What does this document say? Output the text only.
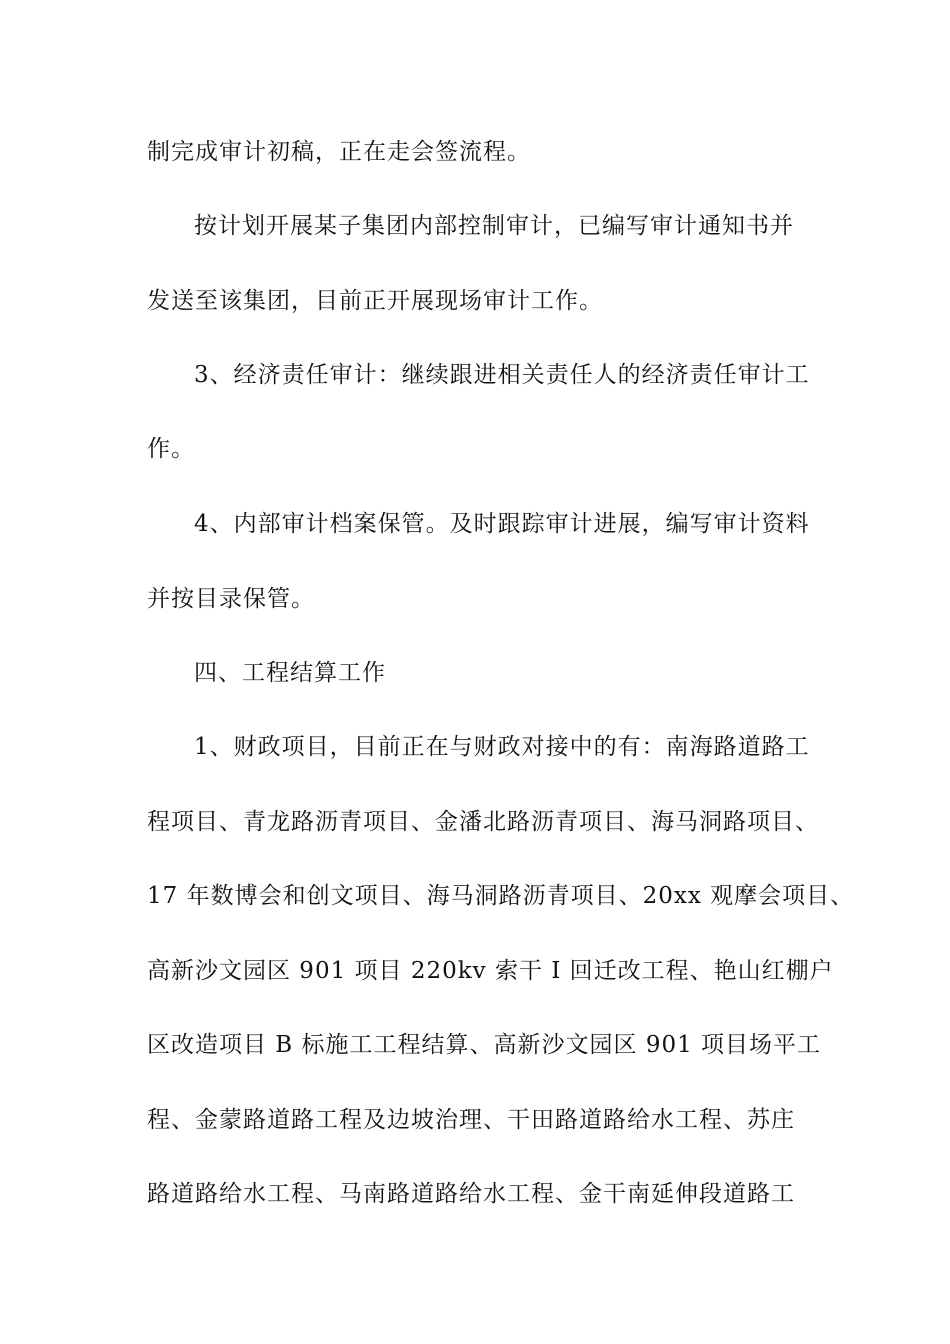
制完成审计初稿，正在走会签流程。
按计划开展某子集团内部控制审计，已编写审计通知书并
发送至该集团，目前正开展现场审计工作。
3、经济责任审计：继续跟进相关责任人的经济责任审计工
作。
4、内部审计档案保管。及时跟踪审计进展，编写审计资料
并按目录保管。
四、工程结算工作
1、财政项目，目前正在与财政对接中的有：南海路道路工
程项目、青龙路沥青项目、金潘北路沥青项目、海马洞路项目、
17 年数博会和创文项目、海马洞路沥青项目、20xx 观摩会项目、
高新沙文园区 901 项目 220kv 索干 I 回迁改工程、艳山红棚户
区改造项目 B 标施工工程结算、高新沙文园区 901 项目场平工
程、金蒙路道路工程及边坡治理、干田路道路给水工程、苏庄
路道路给水工程、马南路道路给水工程、金干南延伸段道路工
